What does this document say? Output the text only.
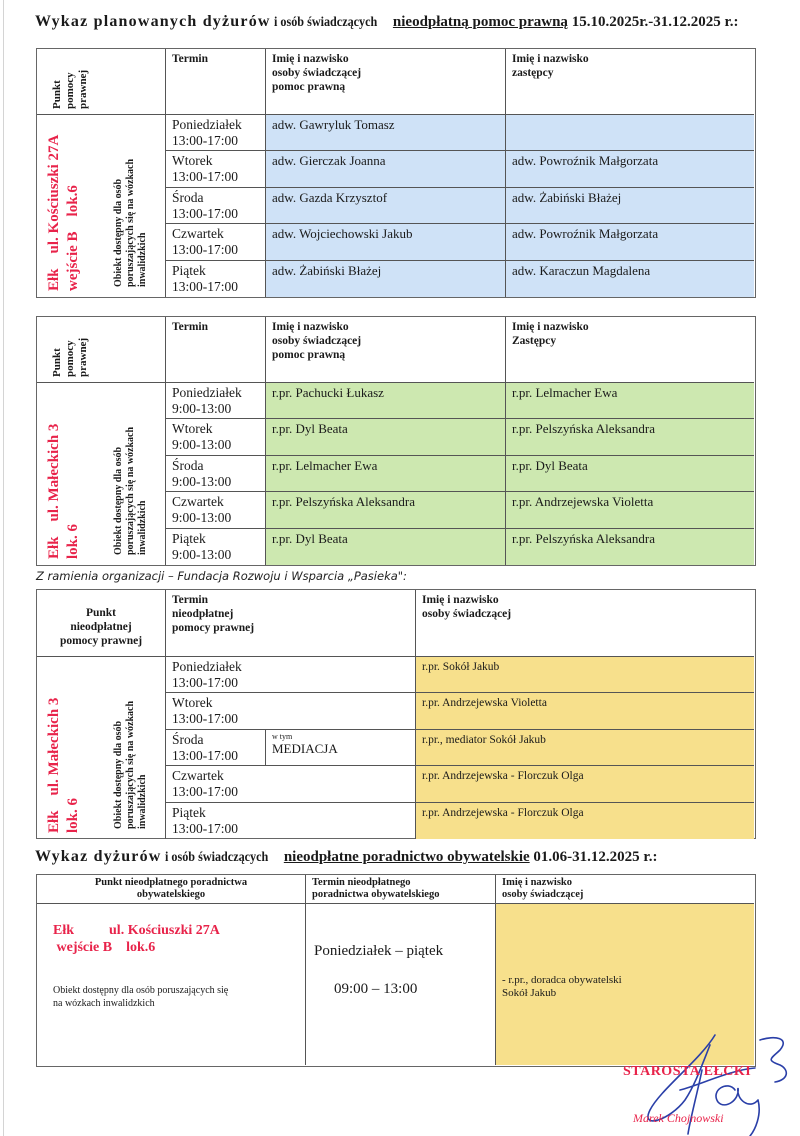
Wykaz planowanych dyżurów i osób świadczących nieodpłatną pomoc prawną 15.10.2025r.-31.12.2025 r.:
Punkt pomocy prawnej
Termin	Imię i nazwisko
osoby świadczącej
pomoc prawną
Imię i nazwisko
zastępcy
Ełk    ul. Kościuszki 27A wejście B    lok.6	Obiekt dostępny dla osób poruszających się na wózkach inwalidzkich
Poniedziałek
13:00-17:00
adw. Gawryluk Tomasz
Wtorek
13:00-17:00
adw. Gierczak Joanna	adw. Powroźnik Małgorzata
Środa
13:00-17:00
adw. Gazda Krzysztof	adw. Żabiński Błażej
Czwartek
13:00-17:00
adw. Wojciechowski Jakub	adw. Powroźnik Małgorzata
Piątek
13:00-17:00
adw. Żabiński Błażej	adw. Karaczun Magdalena
Punkt pomocy prawnej
Termin	Imię i nazwisko
osoby świadczącej
pomoc prawną
Imię i nazwisko
Zastępcy
Ełk    ul. Małeckich 3 lok. 6	Obiekt dostępny dla osób poruszających się na wózkach inwalidzkich
Poniedziałek
9:00-13:00
r.pr. Pachucki Łukasz	r.pr. Lelmacher Ewa
Wtorek
9:00-13:00
r.pr. Dyl Beata	r.pr. Pelszyńska Aleksandra
Środa
9:00-13:00
r.pr. Lelmacher Ewa	r.pr. Dyl Beata
Czwartek
9:00-13:00
r.pr. Pelszyńska Aleksandra	r.pr. Andrzejewska Violetta
Piątek
9:00-13:00
r.pr. Dyl Beata	r.pr. Pelszyńska Aleksandra
Z ramienia organizacji – Fundacja Rozwoju i Wsparcia „Pasieka":
Punkt
nieodpłatnej
pomocy prawnej
Termin
nieodpłatnej
pomocy prawnej
Imię i nazwisko
osoby świadczącej
Ełk    ul. Małeckich 3 lok. 6	Obiekt dostępny dla osób poruszających się na wózkach inwalidzkich
Poniedziałek
13:00-17:00
r.pr. Sokół Jakub
Wtorek
13:00-17:00
r.pr. Andrzejewska Violetta
Środa
13:00-17:00
w tym
MEDIACJA
r.pr., mediator Sokół Jakub
Czwartek
13:00-17:00
r.pr. Andrzejewska - Florczuk Olga
Piątek
13:00-17:00
r.pr. Andrzejewska - Florczuk Olga
Wykaz dyżurów i osób świadczących nieodpłatne poradnictwo obywatelskie 01.06-31.12.2025 r.:
Punkt nieodpłatnego poradnictwa
obywatelskiego
Termin nieodpłatnego
poradnictwa obywatelskiego
Imię i nazwisko
osoby świadczącej
Ełk          ul. Kościuszki 27A
wejście B    lok.6
Obiekt dostępny dla osób poruszających się
na wózkach inwalidzkich
Poniedziałek – piątek
09:00 – 13:00
- r.pr., doradca obywatelski
Sokół Jakub
STAROSTA EŁCKI
Marek Chojnowski
